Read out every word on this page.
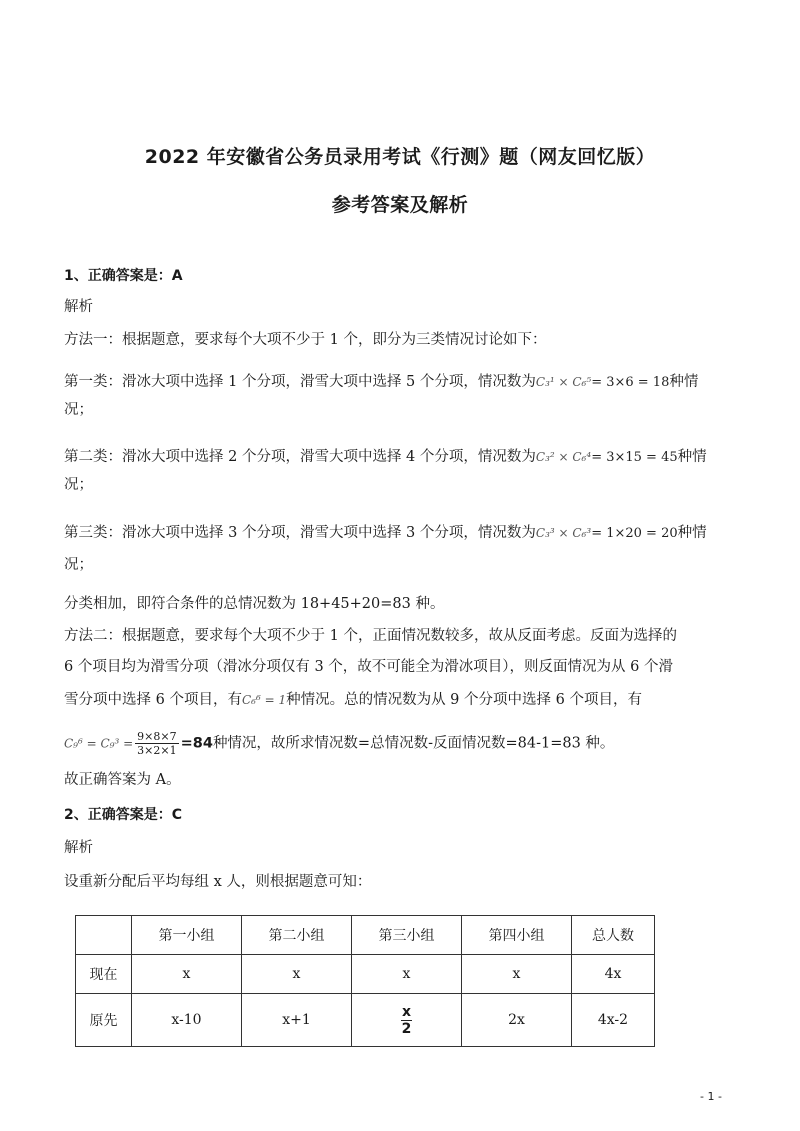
2022 年安徽省公务员录用考试《行测》题（网友回忆版）
参考答案及解析
1、正确答案是：A
解析
方法一：根据题意，要求每个大项不少于 1 个，即分为三类情况讨论如下：
第一类：滑冰大项中选择 1 个分项，滑雪大项中选择 5 个分项，情况数为C₃¹ × C₆⁵= 3×6 = 18种情
况；
第二类：滑冰大项中选择 2 个分项，滑雪大项中选择 4 个分项，情况数为C₃² × C₆⁴= 3×15 = 45种情
况；
第三类：滑冰大项中选择 3 个分项，滑雪大项中选择 3 个分项，情况数为C₃³ × C₆³= 1×20 = 20种情
况；
分类相加，即符合条件的总情况数为 18+45+20=83 种。
方法二：根据题意，要求每个大项不少于 1 个，正面情况数较多，故从反面考虑。反面为选择的
6 个项目均为滑雪分项（滑冰分项仅有 3 个，故不可能全为滑冰项目），则反面情况为从 6 个滑
雪分项中选择 6 个项目，有C₆⁶ = 1种情况。总的情况数为从 9 个分项中选择 6 个项目，有
$C_9^6 = C_9^3 = \frac{9\times 8\times 7}{3\times 2\times 1} =84$种情况，故所求情况数=总情况数-反面情况数=84-1=83 种。
故正确答案为 A。
2、正确答案是：C
解析
设重新分配后平均每组 x 人，则根据题意可知：
	第一小组	第二小组	第三小组	第四小组	总人数
现在	x	x	x	x	4x
原先	x-10	x+1	$\frac{x}{2}$	2x	4x-2
- 1 -
